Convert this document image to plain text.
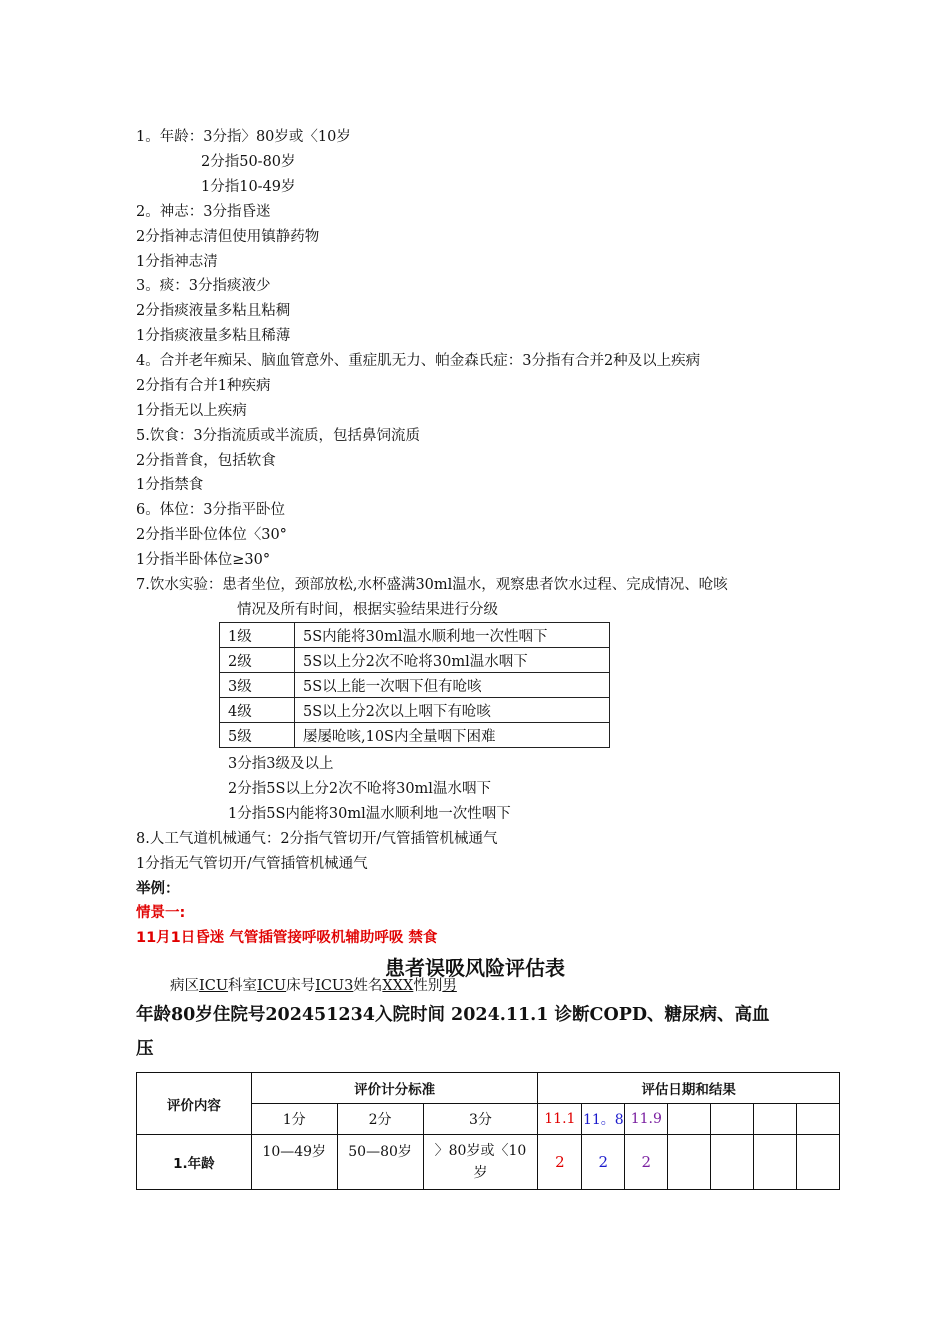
1。年龄：3分指〉80岁或〈10岁
2分指50-80岁
1分指10-49岁
2。神志：3分指昏迷
2分指神志清但使用镇静药物
1分指神志清
3。痰：3分指痰液少
2分指痰液量多粘且粘稠
1分指痰液量多粘且稀薄
4。合并老年痴呆、脑血管意外、重症肌无力、帕金森氏症：3分指有合并2种及以上疾病
2分指有合并1种疾病
1分指无以上疾病
5.饮食：3分指流质或半流质，包括鼻饲流质
2分指普食，包括软食
1分指禁食
6。体位：3分指平卧位
2分指半卧位体位〈30°
1分指半卧体位≥30°
7.饮水实验：患者坐位，颈部放松,水杯盛满30ml温水，观察患者饮水过程、完成情况、呛咳
情况及所有时间，根据实验结果进行分级
1级	5S内能将30ml温水顺利地一次性咽下
2级	5S以上分2次不呛将30ml温水咽下
3级	5S以上能一次咽下但有呛咳
4级	5S以上分2次以上咽下有呛咳
5级	屡屡呛咳,10S内全量咽下困难
3分指3级及以上
2分指5S以上分2次不呛将30ml温水咽下
1分指5S内能将30ml温水顺利地一次性咽下
8.人工气道机械通气：2分指气管切开/气管插管机械通气
1分指无气管切开/气管插管机械通气
举例：
情景一:
11月1日昏迷 气管插管接呼吸机辅助呼吸 禁食
患者误吸风险评估表
病区ICU科室ICU床号ICU3姓名XXX性别男
年龄80岁住院号202451234入院时间 2024.11.1 诊断COPD、糖尿病、高血
压
评价内容	评价计分标准			评估日期和结果						
	1分	2分	3分	11.1	11。8	11.9				
1.年龄	10—49岁	50—80岁	〉80岁或〈10岁	2	2	2				
